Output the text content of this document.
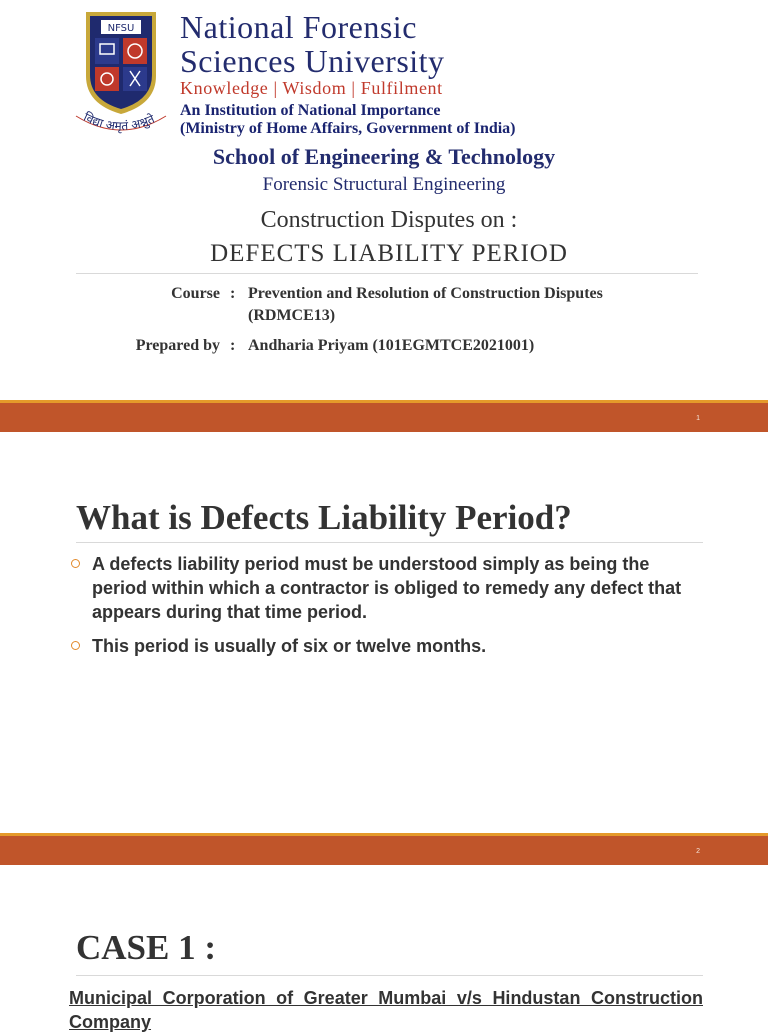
NFSU
विद्या अमृतं अश्नुते
National Forensic
Sciences University
Knowledge | Wisdom | Fulfilment
An Institution of National Importance
(Ministry of Home Affairs, Government of India)
School of Engineering & Technology
Forensic Structural Engineering
Construction Disputes on :
DEFECTS LIABILITY PERIOD
Course : Prevention and Resolution of Construction Disputes
(RDMCE13)
Prepared by : Andharia Priyam (101EGMTCE2021001)
1
What is Defects Liability Period?
A defects liability period must be understood simply as being the period within which a contractor is obliged to remedy any defect that appears during that time period.
This period is usually of six or twelve months.
2
CASE 1 :
Municipal Corporation of Greater Mumbai v/s Hindustan Construction Company
